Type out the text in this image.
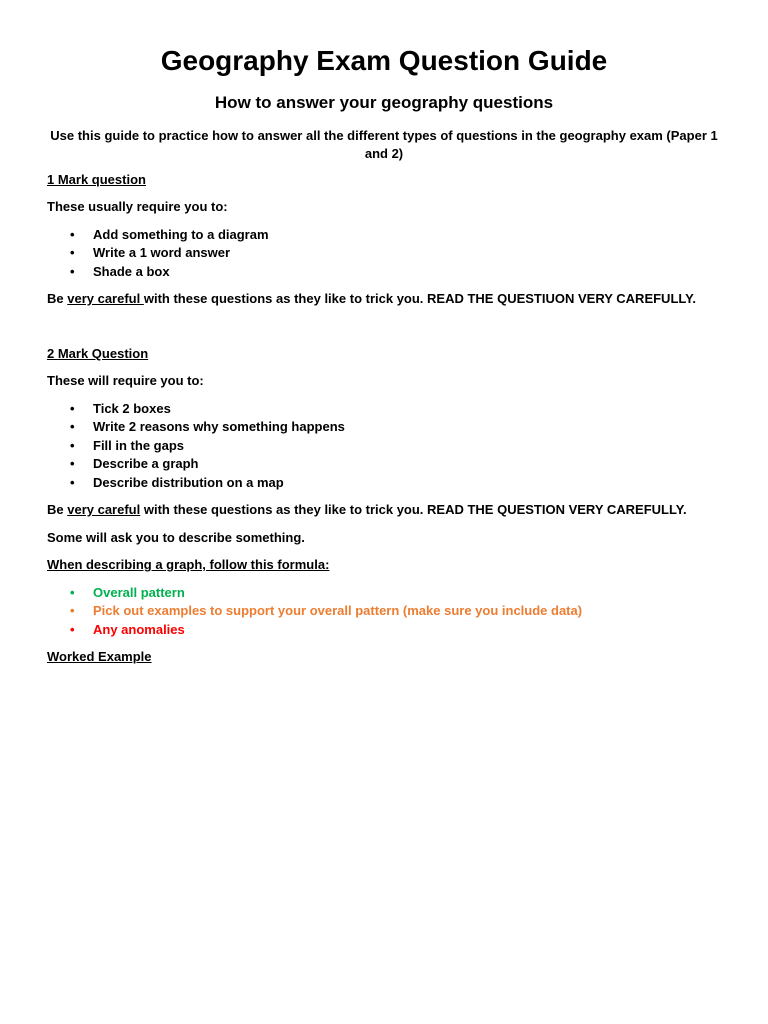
Geography Exam Question Guide
How to answer your geography questions
Use this guide to practice how to answer all the different types of questions in the geography exam (Paper 1 and 2)
1 Mark question
These usually require you to:
• Add something to a diagram
• Write a 1 word answer
• Shade a box
Be very careful with these questions as they like to trick you. READ THE QUESTIUON VERY CAREFULLY.
2 Mark Question
These will require you to:
• Tick 2 boxes
• Write 2 reasons why something happens
• Fill in the gaps
• Describe a graph
• Describe distribution on a map
Be very careful with these questions as they like to trick you. READ THE QUESTION VERY CAREFULLY.
Some will ask you to describe something.
When describing a graph, follow this formula:
• Overall pattern
• Pick out examples to support your overall pattern (make sure you include data)
• Any anomalies
Worked Example
